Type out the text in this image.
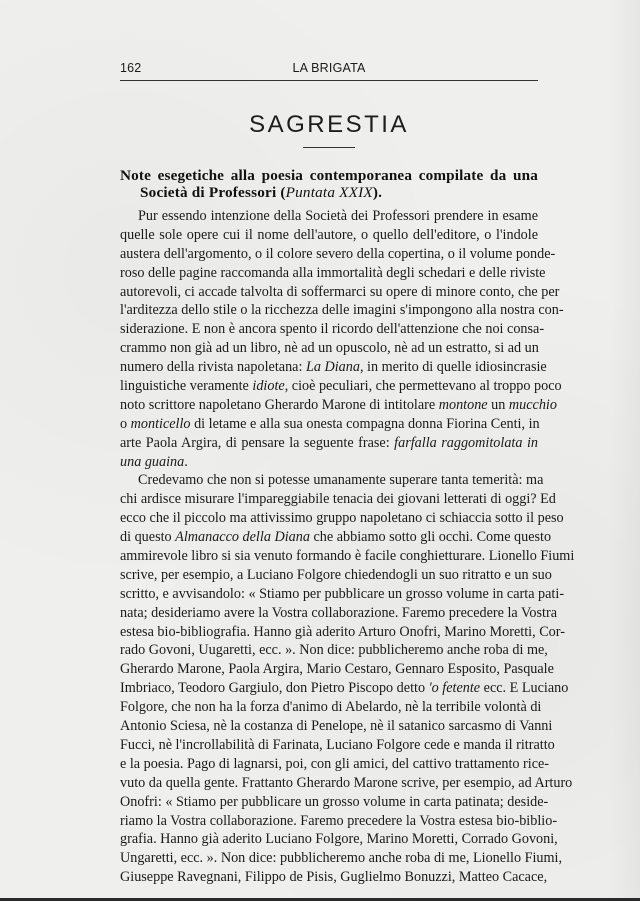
162	LA BRIGATA
SAGRESTIA
Note esegetiche alla poesia contemporanea compilate da una
Società di Professori (Puntata XXIX).
Pur essendo intenzione della Società dei Professori prendere in esame
quelle sole opere cui il nome dell'autore, o quello dell'editore, o l'indole
austera dell'argomento, o il colore severo della copertina, o il volume ponde-
roso delle pagine raccomanda alla immortalità degli schedari e delle riviste
autorevoli, ci accade talvolta di soffermarci su opere di minore conto, che per
l'arditezza dello stile o la ricchezza delle imagini s'impongono alla nostra con-
siderazione. E non è ancora spento il ricordo dell'attenzione che noi consa-
crammo non già ad un libro, nè ad un opuscolo, nè ad un estratto, si ad un
numero della rivista napoletana: La Diana, in merito di quelle idiosincrasie
linguistiche veramente idiote, cioè peculiari, che permettevano al troppo poco
noto scrittore napoletano Gherardo Marone di intitolare montone un mucchio
o monticello di letame e alla sua onesta compagna donna Fiorina Centi, in
arte Paola Argira, di pensare la seguente frase: farfalla raggomitolata in
una guaina.
Credevamo che non si potesse umanamente superare tanta temerità: ma
chi ardisce misurare l'impareggiabile tenacia dei giovani letterati di oggi? Ed
ecco che il piccolo ma attivissimo gruppo napoletano ci schiaccia sotto il peso
di questo Almanacco della Diana che abbiamo sotto gli occhi. Come questo
ammirevole libro si sia venuto formando è facile conghietturare. Lionello Fiumi
scrive, per esempio, a Luciano Folgore chiedendogli un suo ritratto e un suo
scritto, e avvisandolo: « Stiamo per pubblicare un grosso volume in carta pati-
nata; desideriamo avere la Vostra collaborazione. Faremo precedere la Vostra
estesa bio-bibliografia. Hanno già aderito Arturo Onofri, Marino Moretti, Cor-
rado Govoni, Uugaretti, ecc. ». Non dice: pubblicheremo anche roba di me,
Gherardo Marone, Paola Argira, Mario Cestaro, Gennaro Esposito, Pasquale
Imbriaco, Teodoro Gargiulo, don Pietro Piscopo detto 'o fetente ecc. E Luciano
Folgore, che non ha la forza d'animo di Abelardo, nè la terribile volontà di
Antonio Sciesa, nè la costanza di Penelope, nè il satanico sarcasmo di Vanni
Fucci, nè l'incrollabilità di Farinata, Luciano Folgore cede e manda il ritratto
e la poesia. Pago di lagnarsi, poi, con gli amici, del cattivo trattamento rice-
vuto da quella gente. Frattanto Gherardo Marone scrive, per esempio, ad Arturo
Onofri: « Stiamo per pubblicare un grosso volume in carta patinata; deside-
riamo la Vostra collaborazione. Faremo precedere la Vostra estesa bio-biblio-
grafia. Hanno già aderito Luciano Folgore, Marino Moretti, Corrado Govoni,
Ungaretti, ecc. ». Non dice: pubblicheremo anche roba di me, Lionello Fiumi,
Giuseppe Ravegnani, Filippo de Pisis, Guglielmo Bonuzzi, Matteo Cacace,
